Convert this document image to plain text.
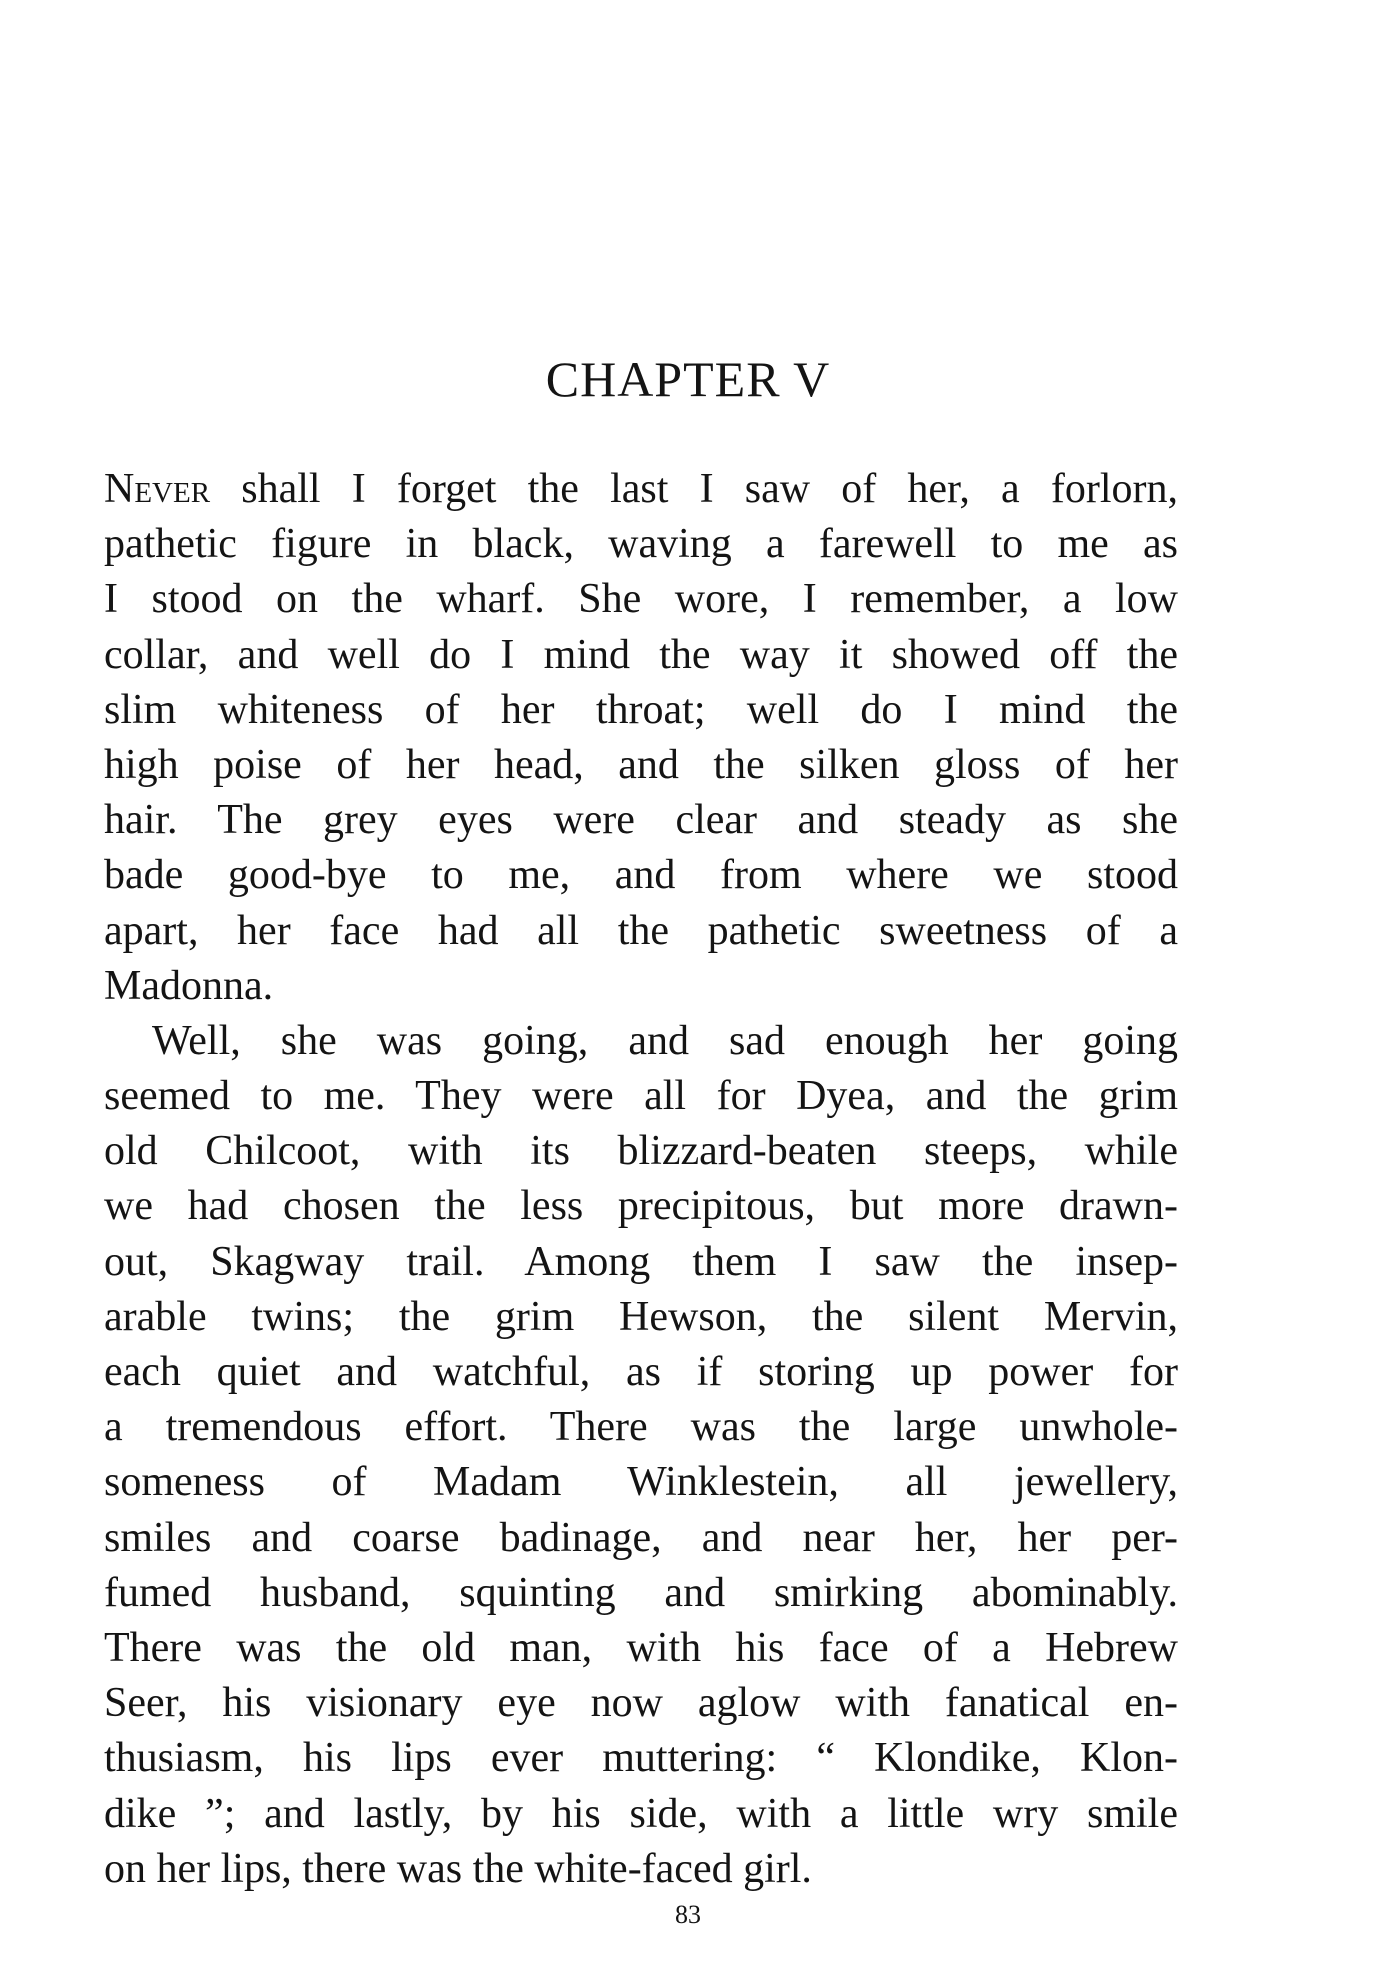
CHAPTER V
Never shall I forget the last I saw of her, a forlorn,
pathetic figure in black, waving a farewell to me as
I stood on the wharf. She wore, I remember, a low
collar, and well do I mind the way it showed off the
slim whiteness of her throat; well do I mind the
high poise of her head, and the silken gloss of her
hair. The grey eyes were clear and steady as she
bade good-bye to me, and from where we stood
apart, her face had all the pathetic sweetness of a
Madonna.
Well, she was going, and sad enough her going
seemed to me. They were all for Dyea, and the grim
old Chilcoot, with its blizzard-beaten steeps, while
we had chosen the less precipitous, but more drawn-
out, Skagway trail. Among them I saw the insep-
arable twins; the grim Hewson, the silent Mervin,
each quiet and watchful, as if storing up power for
a tremendous effort. There was the large unwhole-
someness of Madam Winklestein, all jewellery,
smiles and coarse badinage, and near her, her per-
fumed husband, squinting and smirking abominably.
There was the old man, with his face of a Hebrew
Seer, his visionary eye now aglow with fanatical en-
thusiasm, his lips ever muttering: “ Klondike, Klon-
dike ”; and lastly, by his side, with a little wry smile
on her lips, there was the white-faced girl.
83
